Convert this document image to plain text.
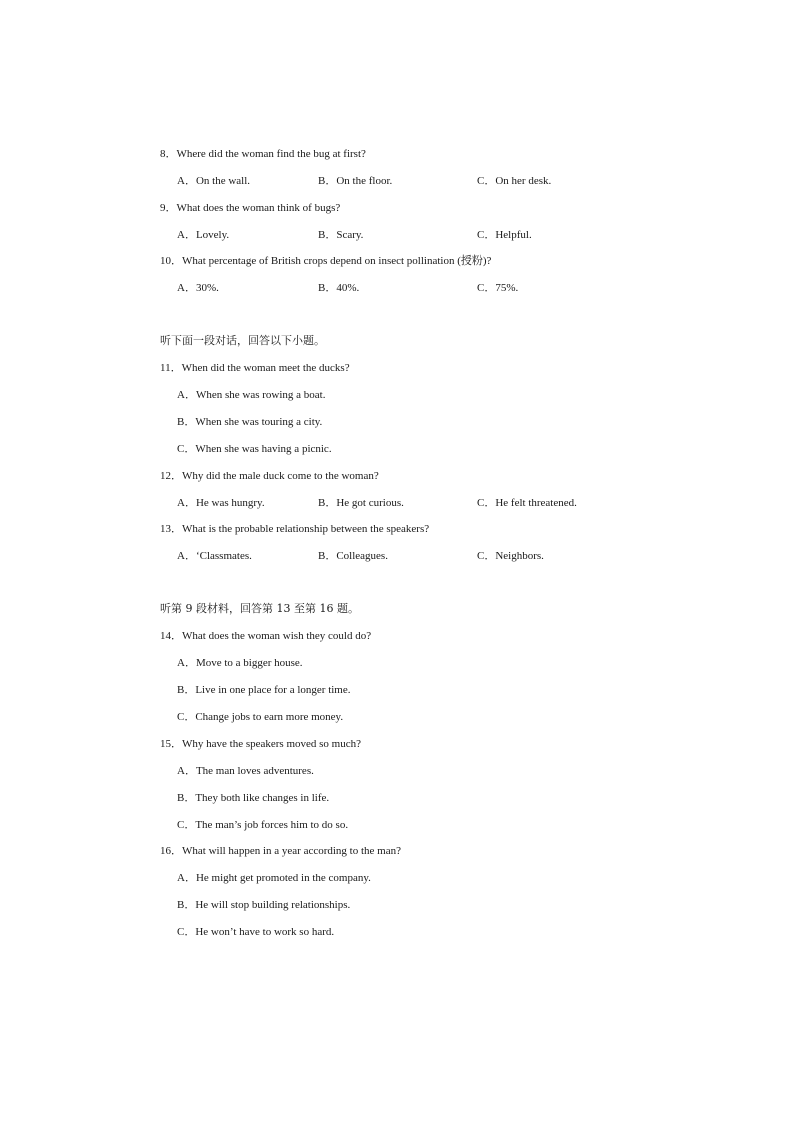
8．Where did the woman find the bug at first?
A．On the wall.	B．On the floor.	C．On her desk.
9．What does the woman think of bugs?
A．Lovely.	B．Scary.	C．Helpful.
10．What percentage of British crops depend on insect pollination (授粉)?
A．30%.	B．40%.	C．75%.
听下面一段对话，回答以下小题。
11．When did the woman meet the ducks?
A．When she was rowing a boat.
B．When she was touring a city.
C．When she was having a picnic.
12．Why did the male duck come to the woman?
A．He was hungry.	B．He got curious.	C．He felt threatened.
13．What is the probable relationship between the speakers?
A．‘Classmates.	B．Colleagues.	C．Neighbors.
听第 9 段材料，回答第 13 至第 16 题。
14．What does the woman wish they could do?
A．Move to a bigger house.
B．Live in one place for a longer time.
C．Change jobs to earn more money.
15．Why have the speakers moved so much?
A．The man loves adventures.
B．They both like changes in life.
C．The man’s job forces him to do so.
16．What will happen in a year according to the man?
A．He might get promoted in the company.
B．He will stop building relationships.
C．He won’t have to work so hard.
